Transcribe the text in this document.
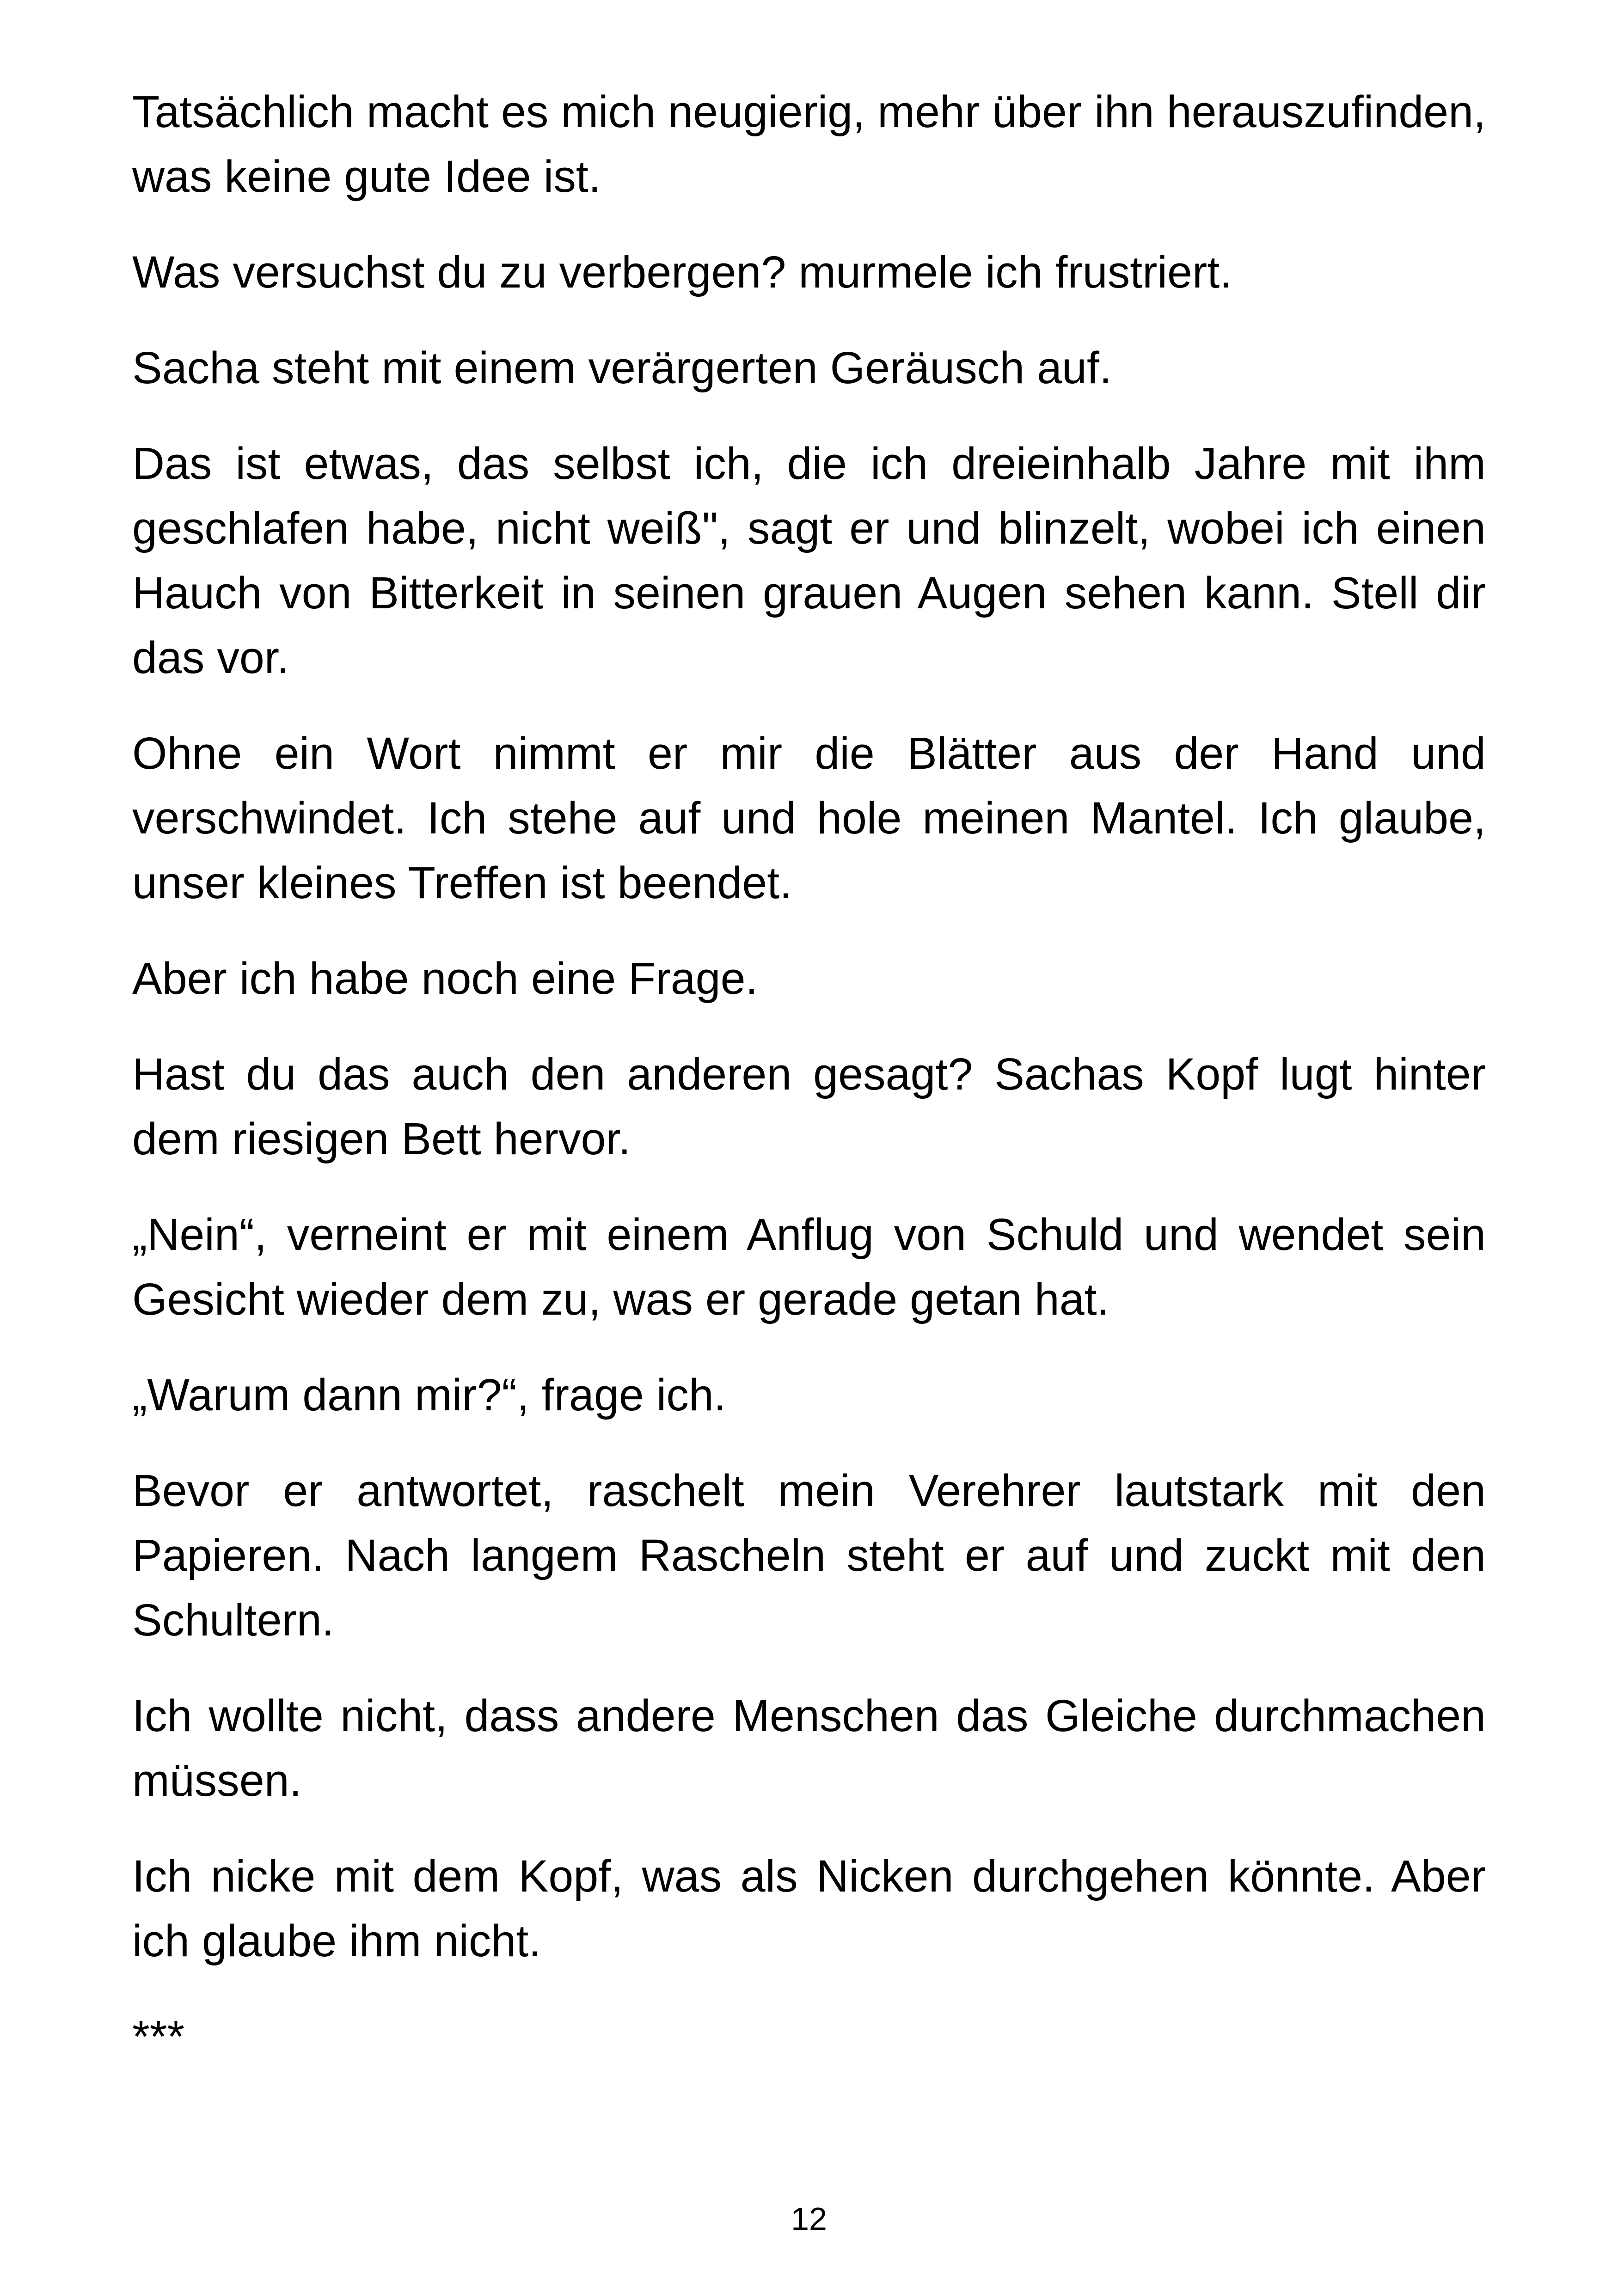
Tatsächlich macht es mich neugierig, mehr über ihn herauszufinden, was keine gute Idee ist.

Was versuchst du zu verbergen? murmele ich frustriert.

Sacha steht mit einem verärgerten Geräusch auf.

Das ist etwas, das selbst ich, die ich dreieinhalb Jahre mit ihm geschlafen habe, nicht weiß", sagt er und blinzelt, wobei ich einen Hauch von Bitterkeit in seinen grauen Augen sehen kann. Stell dir das vor.

Ohne ein Wort nimmt er mir die Blätter aus der Hand und verschwindet. Ich stehe auf und hole meinen Mantel. Ich glaube, unser kleines Treffen ist beendet.

Aber ich habe noch eine Frage.

Hast du das auch den anderen gesagt? Sachas Kopf lugt hinter dem riesigen Bett hervor.

„Nein“, verneint er mit einem Anflug von Schuld und wendet sein Gesicht wieder dem zu, was er gerade getan hat.

„Warum dann mir?“, frage ich.

Bevor er antwortet, raschelt mein Verehrer lautstark mit den Papieren. Nach langem Rascheln steht er auf und zuckt mit den Schultern.

Ich wollte nicht, dass andere Menschen das Gleiche durchmachen müssen.

Ich nicke mit dem Kopf, was als Nicken durchgehen könnte. Aber ich glaube ihm nicht.

***

12
